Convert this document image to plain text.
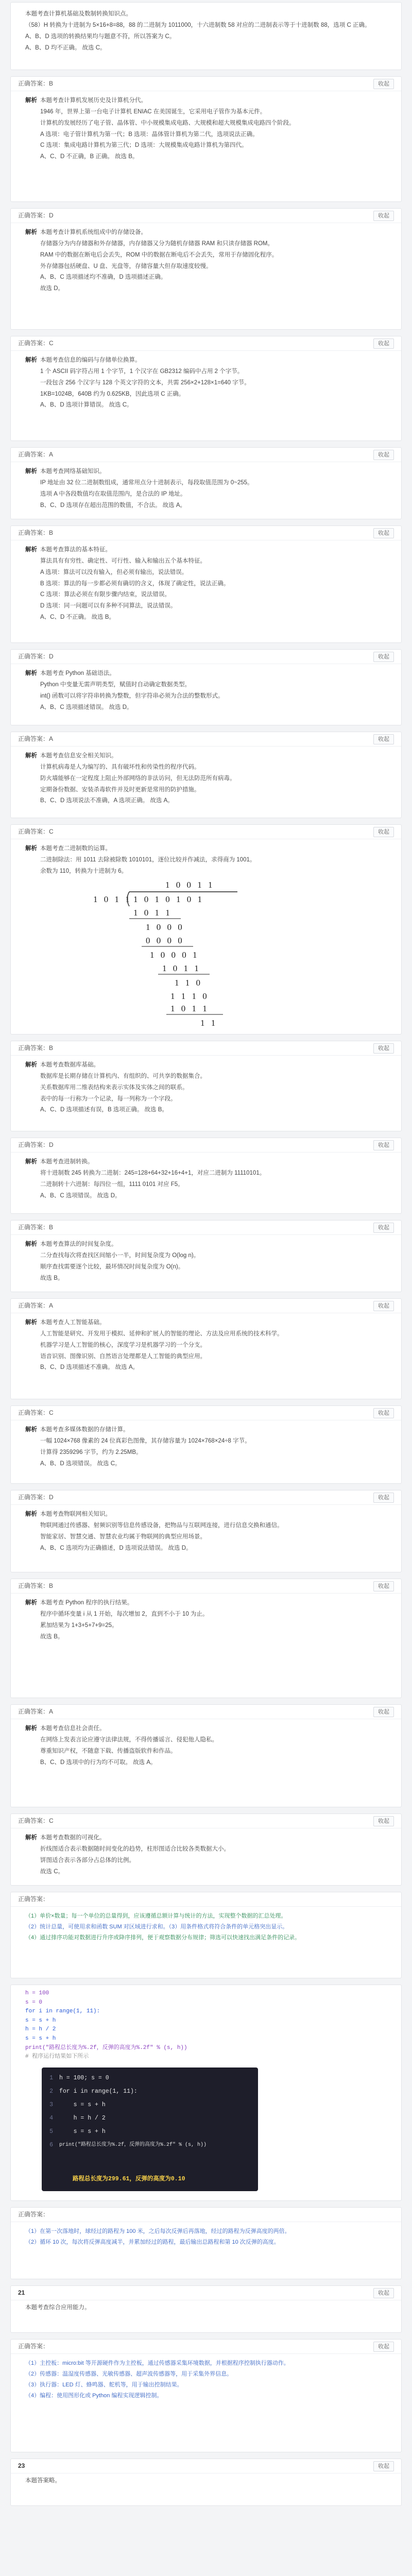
本题考查计算机基础及数制转换知识点。

（58）H 转换为十进制为 5×16+8=88，88 的二进制为 1011000，十六进制数 58 对应的二进制表示等于十进制数 88，选项 C 正确。

A、B、D 选项的转换结果均与题意不符，所以答案为 C。

A、B、D 均不正确。 故选 C。

正确答案：B	收起
解析 本题考查计算机发展历史及计算机分代。

1946 年，世界上第一台电子计算机 ENIAC 在美国诞生，它采用电子管作为基本元件。

计算机的发展经历了电子管、晶体管、中小规模集成电路、大规模和超大规模集成电路四个阶段。

A 选项：电子管计算机为第一代；B 选项：晶体管计算机为第二代，选项说法正确。

C 选项：集成电路计算机为第三代；D 选项：大规模集成电路计算机为第四代。

A、C、D 不正确，B 正确。 故选 B。

正确答案：D	收起
解析 本题考查计算机系统组成中的存储设备。

存储器分为内存储器和外存储器，内存储器又分为随机存储器 RAM 和只读存储器 ROM。

RAM 中的数据在断电后会丢失，ROM 中的数据在断电后不会丢失，常用于存储固化程序。

外存储器包括硬盘、U 盘、光盘等，存储容量大但存取速度较慢。

A、B、C 选项描述均不准确，D 选项描述正确。

故选 D。

正确答案：C	收起
解析 本题考查信息的编码与存储单位换算。

1 个 ASCII 码字符占用 1 个字节，1 个汉字在 GB2312 编码中占用 2 个字节。

一段包含 256 个汉字与 128 个英文字符的文本，共需 256×2+128×1=640 字节。

1KB=1024B，640B 约为 0.625KB，因此选项 C 正确。

A、B、D 选项计算错误。 故选 C。

正确答案：A	收起
解析 本题考查网络基础知识。

IP 地址由 32 位二进制数组成，通常用点分十进制表示，每段取值范围为 0~255。

选项 A 中各段数值均在取值范围内，是合法的 IP 地址。

B、C、D 选项存在超出范围的数值，不合法。 故选 A。

正确答案：B	收起
解析 本题考查算法的基本特征。

算法具有有穷性、确定性、可行性、输入和输出五个基本特征。

A 选项：算法可以没有输入，但必须有输出，说法错误。

B 选项：算法的每一步都必须有确切的含义，体现了确定性，说法正确。

C 选项：算法必须在有限步骤内结束，说法错误。

D 选项：同一问题可以有多种不同算法，说法错误。

A、C、D 不正确。 故选 B。

正确答案：D	收起
解析 本题考查 Python 基础语法。

Python 中变量无需声明类型，赋值时自动确定数据类型。

int() 函数可以将字符串转换为整数，但字符串必须为合法的整数形式。

A、B、C 选项描述错误。 故选 D。

正确答案：A	收起
解析 本题考查信息安全相关知识。

计算机病毒是人为编写的、具有破坏性和传染性的程序代码。

防火墙能够在一定程度上阻止外部网络的非法访问，但无法防范所有病毒。

定期备份数据、安装杀毒软件并及时更新是常用的防护措施。

B、C、D 选项说法不准确，A 选项正确。 故选 A。

正确答案：C	收起
解析 本题考查二进制数的运算。

二进制除法：用 1011 去除被除数 1010101，逐位比较并作减法，求得商为 1001。

余数为 110，转换为十进制为 6。

1 0 0 1 1
1 0 1 1 1 0 1 0 1 0 1
1 0 1 1
1 0 0 0
0 0 0 0
1 0 0 0 1
1 0 1 1
1 1 0
1 1 1 0
1 0 1 1
1 1
正确答案：B	收起
解析 本题考查数据库基础。

数据库是长期存储在计算机内、有组织的、可共享的数据集合。

关系数据库用二维表结构来表示实体及实体之间的联系。

表中的每一行称为一个记录，每一列称为一个字段。

A、C、D 选项描述有误，B 选项正确。 故选 B。

正确答案：D	收起
解析 本题考查进制转换。

将十进制数 245 转换为二进制：245=128+64+32+16+4+1，对应二进制为 11110101。

二进制转十六进制：每四位一组，1111 0101 对应 F5。

A、B、C 选项错误。 故选 D。

正确答案：B	收起
解析 本题考查算法的时间复杂度。

二分查找每次将查找区间缩小一半，时间复杂度为 O(log n)。

顺序查找需要逐个比较，最坏情况时间复杂度为 O(n)。

故选 B。

正确答案：A	收起
解析 本题考查人工智能基础。

人工智能是研究、开发用于模拟、延伸和扩展人的智能的理论、方法及应用系统的技术科学。

机器学习是人工智能的核心，深度学习是机器学习的一个分支。

语音识别、图像识别、自然语言处理都是人工智能的典型应用。

B、C、D 选项描述不准确。 故选 A。

正确答案：C	收起
解析 本题考查多媒体数据的存储计算。

一幅 1024×768 像素的 24 位真彩色图像，其存储容量为 1024×768×24÷8 字节。

计算得 2359296 字节，约为 2.25MB。

A、B、D 选项错误。 故选 C。

正确答案：D	收起
解析 本题考查物联网相关知识。

物联网通过传感器、射频识别等信息传感设备，把物品与互联网连接，进行信息交换和通信。

智能家居、智慧交通、智慧农业均属于物联网的典型应用场景。

A、B、C 选项均为正确描述，D 选项说法错误。 故选 D。

正确答案：B	收起
解析 本题考查 Python 程序的执行结果。

程序中循环变量 i 从 1 开始，每次增加 2，直到不小于 10 为止。

累加结果为 1+3+5+7+9=25。

故选 B。

正确答案：A	收起
解析 本题考查信息社会责任。

在网络上发表言论应遵守法律法规，不得传播谣言、侵犯他人隐私。

尊重知识产权，不随意下载、传播盗版软件和作品。

B、C、D 选项中的行为均不可取。 故选 A。

正确答案：C	收起
解析 本题考查数据的可视化。

折线图适合表示数据随时间变化的趋势，柱形图适合比较各类数据大小。

饼图适合表示各部分占总体的比例。

故选 C。

正确答案：

（1）单价×数量；每一个单位的总量得到，应该遵循总额计算与统计的方法，实现整个数据的汇总处理。

（2）统计总量，可使用求和函数 SUM 对区域进行求和。（3）用条件格式将符合条件的单元格突出显示。

（4）通过排序功能对数据进行升序或降序排列，便于观察数据分布规律；筛选可以快速找出满足条件的记录。

h = 100

s = 0

for i in range(1, 11):

s = s + h

h = h / 2

s = s + h

print("路程总长度为%.2f，反弹的高度为%.2f" % (s, h))

# 程序运行结果如下所示

1 h = 100; s = 0
2 for i in range(1, 11):
3 s = s + h
4 h = h / 2
5 s = s + h
6 print("路程总长度为%.2f，反弹的高度为%.2f" % (s, h))
路程总长度为299.61，反弹的高度为0.10
正确答案：

（1）在第一次落地时，球经过的路程为 100 米，之后每次反弹后再落地，经过的路程为反弹高度的两倍。

（2）循环 10 次，每次将反弹高度减半，并累加经过的路程，最后输出总路程和第 10 次反弹的高度。

21	收起

本题考查综合应用能力。

正确答案：	收起

（1）主控板：micro:bit 等开源硬件作为主控板，通过传感器采集环境数据，并根据程序控制执行器动作。

（2）传感器：温湿度传感器、光敏传感器、超声波传感器等，用于采集外界信息。

（3）执行器：LED 灯、蜂鸣器、舵机等，用于输出控制结果。

（4）编程：使用图形化或 Python 编程实现逻辑控制。

23	收起

本题答案略。
